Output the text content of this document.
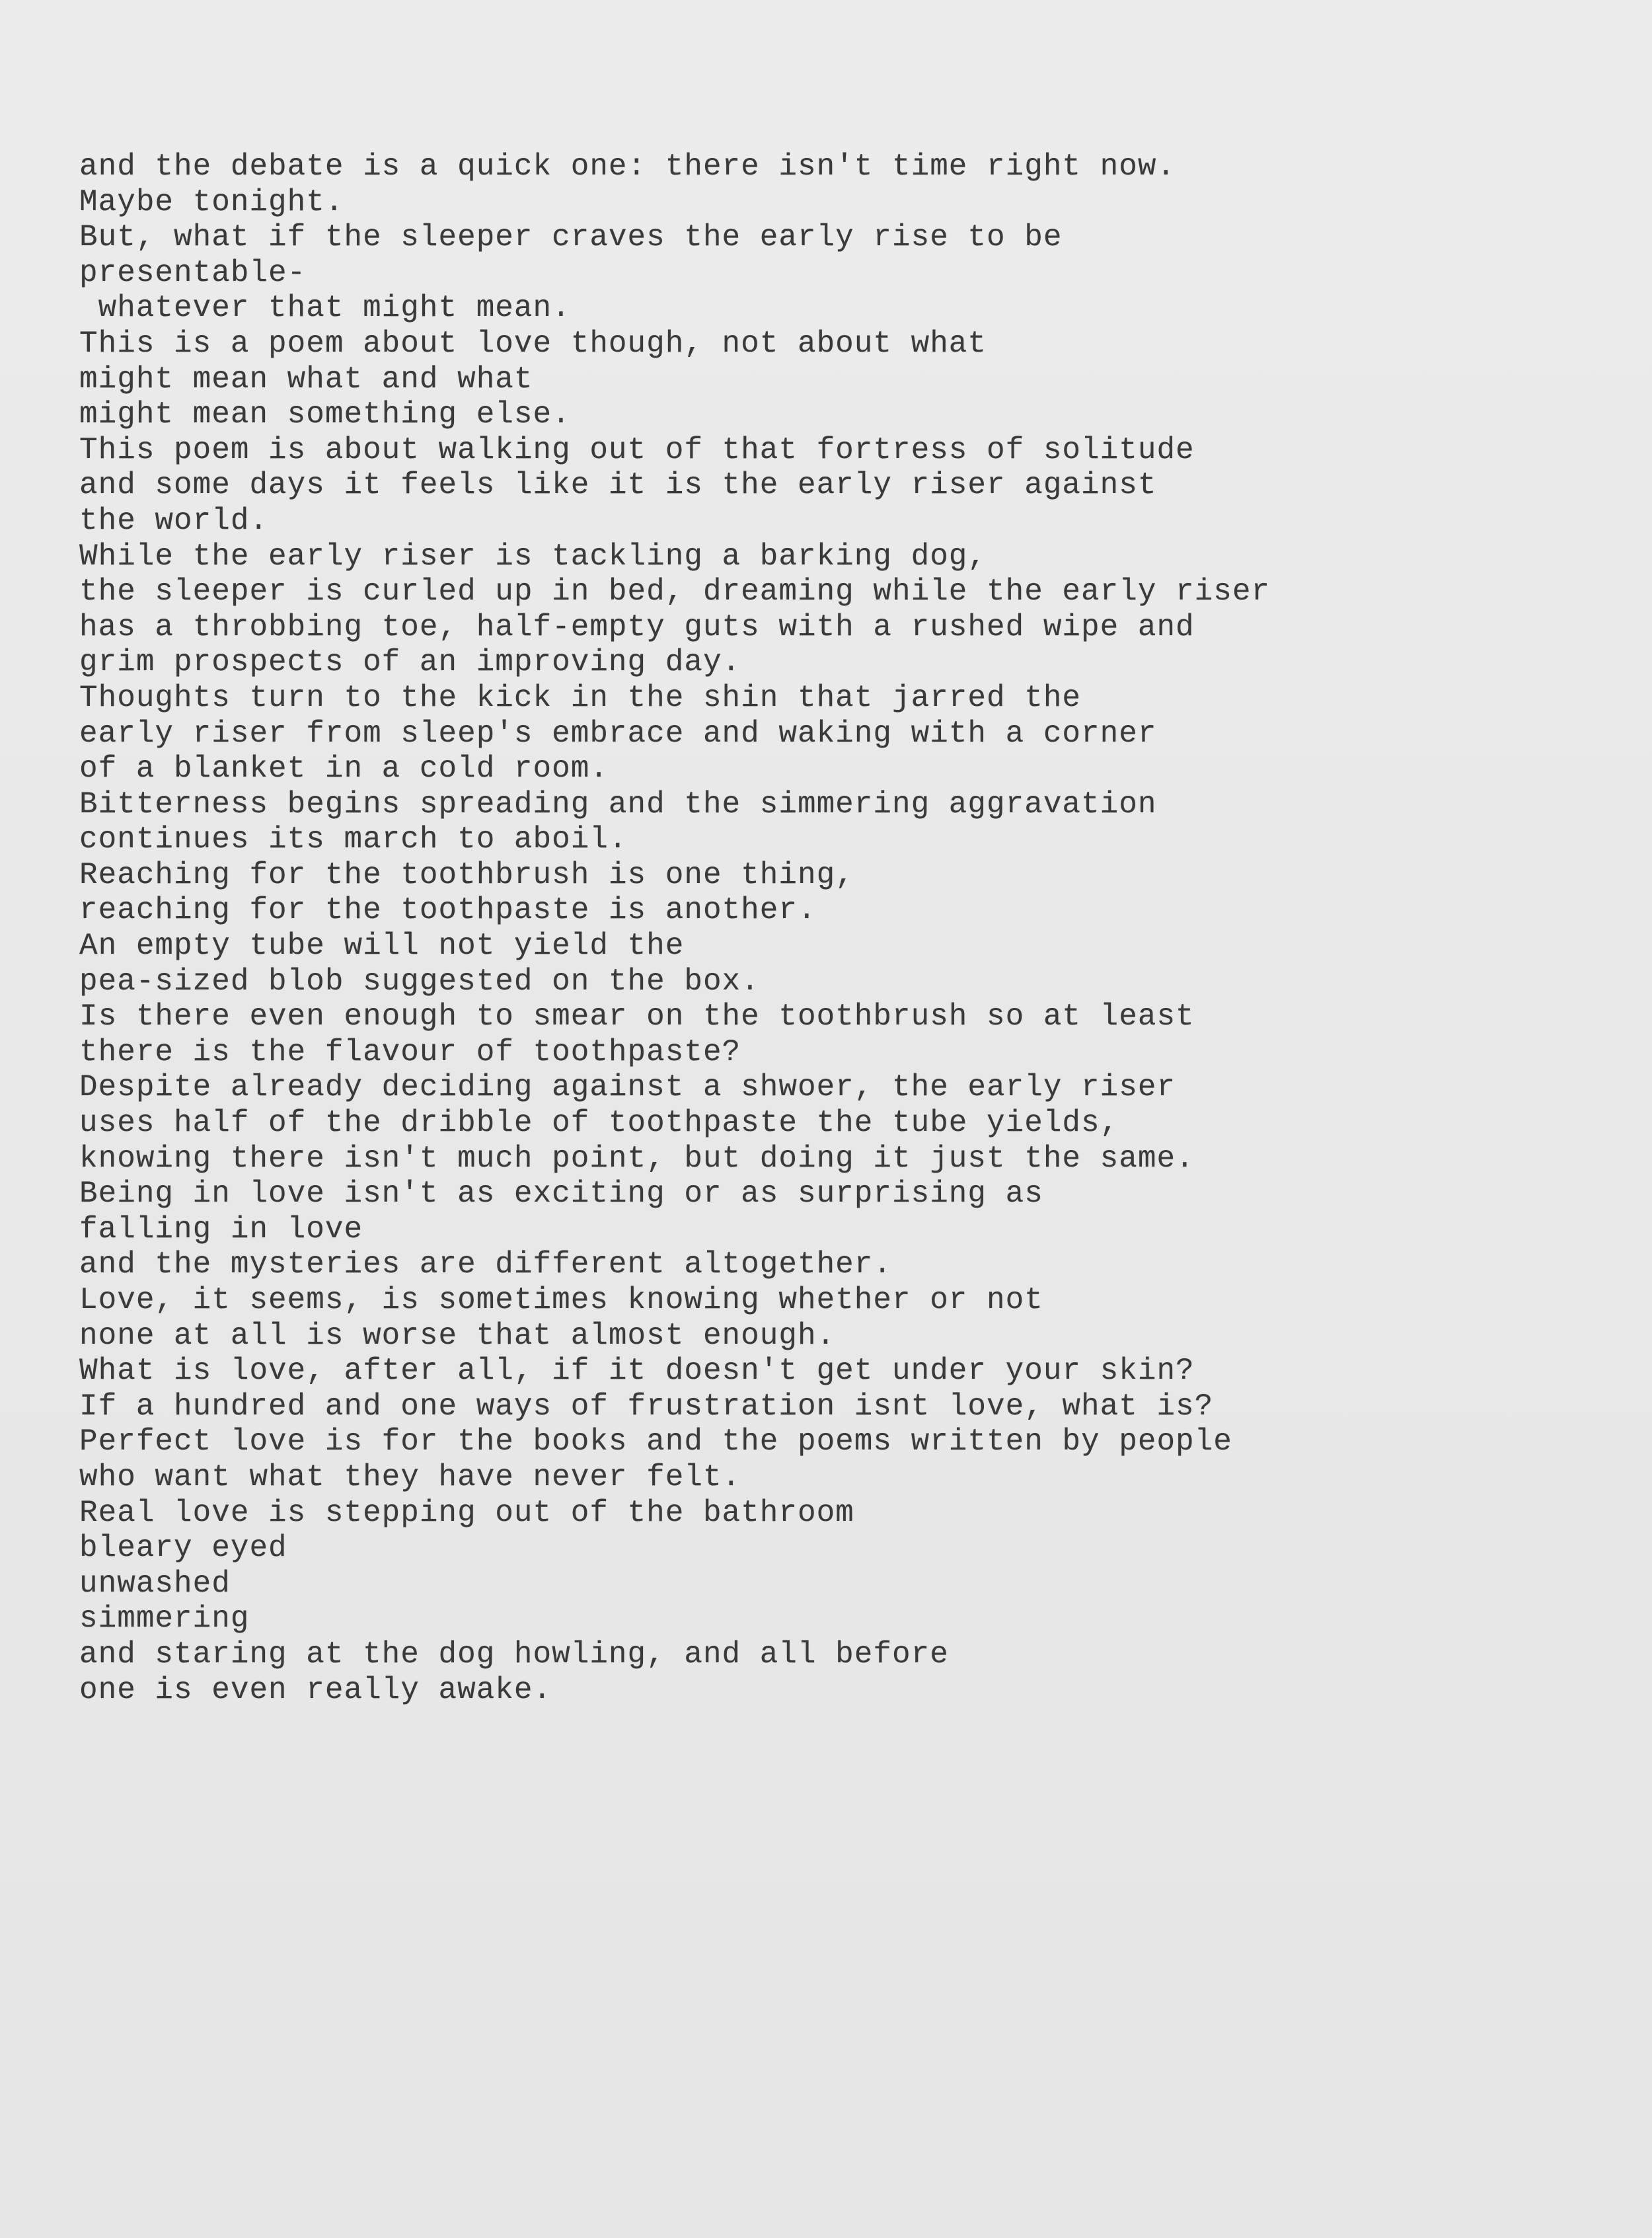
and the debate is a quick one: there isn't time right now.
Maybe tonight.
But, what if the sleeper craves the early rise to be
presentable-
whatever that might mean.
This is a poem about love though, not about what
might mean what and what
might mean something else.
This poem is about walking out of that fortress of solitude
and some days it feels like it is the early riser against
the world.
While the early riser is tackling a barking dog,
the sleeper is curled up in bed, dreaming while the early riser
has a throbbing toe, half-empty guts with a rushed wipe and
grim prospects of an improving day.
Thoughts turn to the kick in the shin that jarred the
early riser from sleep's embrace and waking with a corner
of a blanket in a cold room.
Bitterness begins spreading and the simmering aggravation
continues its march to aboil.
Reaching for the toothbrush is one thing,
reaching for the toothpaste is another.
An empty tube will not yield the
pea-sized blob suggested on the box.
Is there even enough to smear on the toothbrush so at least
there is the flavour of toothpaste?
Despite already deciding against a shwoer, the early riser
uses half of the dribble of toothpaste the tube yields,
knowing there isn't much point, but doing it just the same.
Being in love isn't as exciting or as surprising as
falling in love
and the mysteries are different altogether.
Love, it seems, is sometimes knowing whether or not
none at all is worse that almost enough.
What is love, after all, if it doesn't get under your skin?
If a hundred and one ways of frustration isnt love, what is?
Perfect love is for the books and the poems written by people
who want what they have never felt.
Real love is stepping out of the bathroom
bleary eyed
unwashed
simmering
and staring at the dog howling, and all before
one is even really awake.
